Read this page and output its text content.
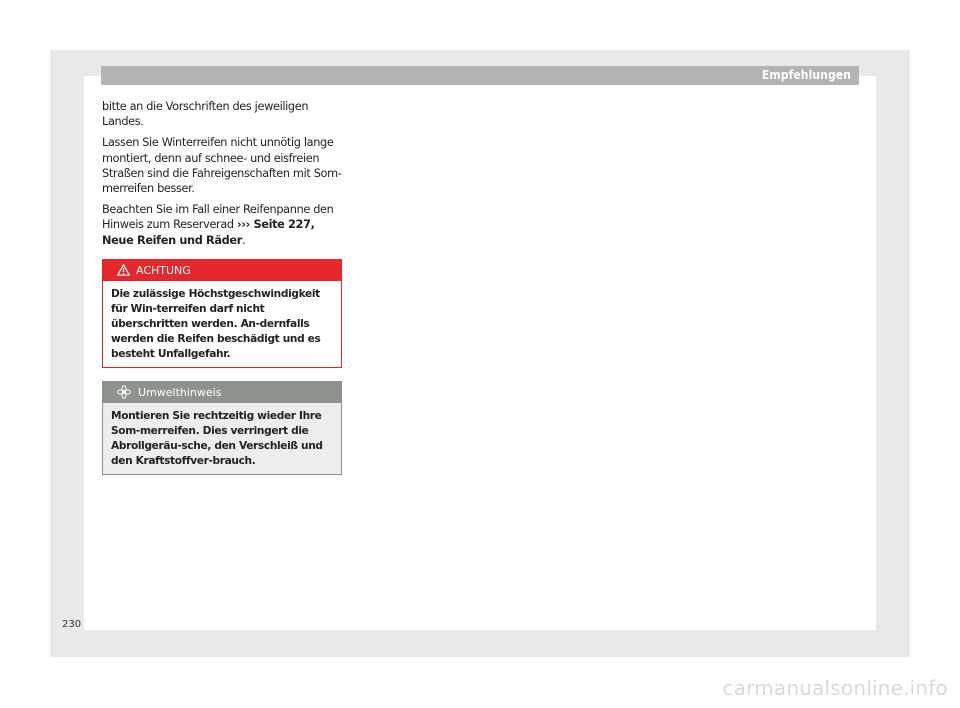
Empfehlungen

bitte an die Vorschriften des jeweiligen Landes.

Lassen Sie Winterreifen nicht unnötig lange montiert, denn auf schnee- und eisfreien Straßen sind die Fahreigenschaften mit Som-merreifen besser.

Beachten Sie im Fall einer Reifenpanne den Hinweis zum Reserverad ››› Seite 227, Neue Reifen und Räder.

ACHTUNG
Die zulässige Höchstgeschwindigkeit für Win-terreifen darf nicht überschritten werden. An-dernfalls werden die Reifen beschädigt und es besteht Unfallgefahr.
Umwelthinweis
Montieren Sie rechtzeitig wieder Ihre Som-merreifen. Dies verringert die Abrollgeräu-sche, den Verschleiß und den Kraftstoffver-brauch.
230
carmanualsonline.info
